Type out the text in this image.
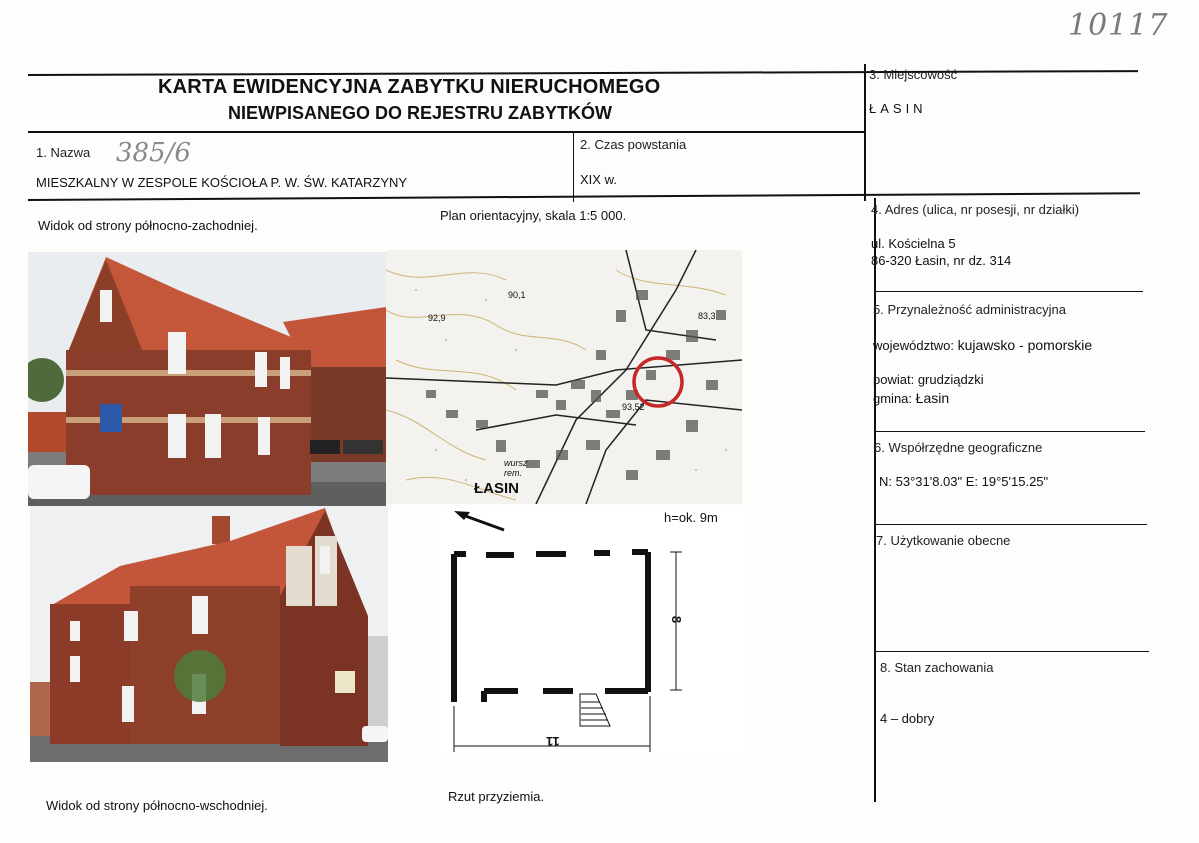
10117
KARTA EWIDENCYJNA ZABYTKU NIERUCHOMEGO
NIEWPISANEGO DO REJESTRU ZABYTKÓW
1. Nazwa 385/6
MIESZKALNY W ZESPOLE KOŚCIOŁA P. W. ŚW. KATARZYNY
2. Czas powstania
XIX w.
3. Miejscowość
ŁASIN
4. Adres (ulica, nr posesji, nr działki)
ul. Kościelna 5
86-320 Łasin, nr dz. 314
5. Przynależność administracyjna
województwo: kujawsko - pomorskie
powiat: grudziądzki
gmina: Łasin
6. Współrzędne geograficzne
N: 53°31'8.03" E: 19°5'15.25"
7. Użytkowanie obecne
8. Stan zachowania
4 – dobry
Widok od strony północno-zachodniej.
Plan orientacyjny, skala 1:5 000.
Widok od strony północno-wschodniej.
Rzut przyziemia.
ŁASIN
90,1
92,9
93,52
83,3
wursz rem.
h=ok. 9m
8
11
